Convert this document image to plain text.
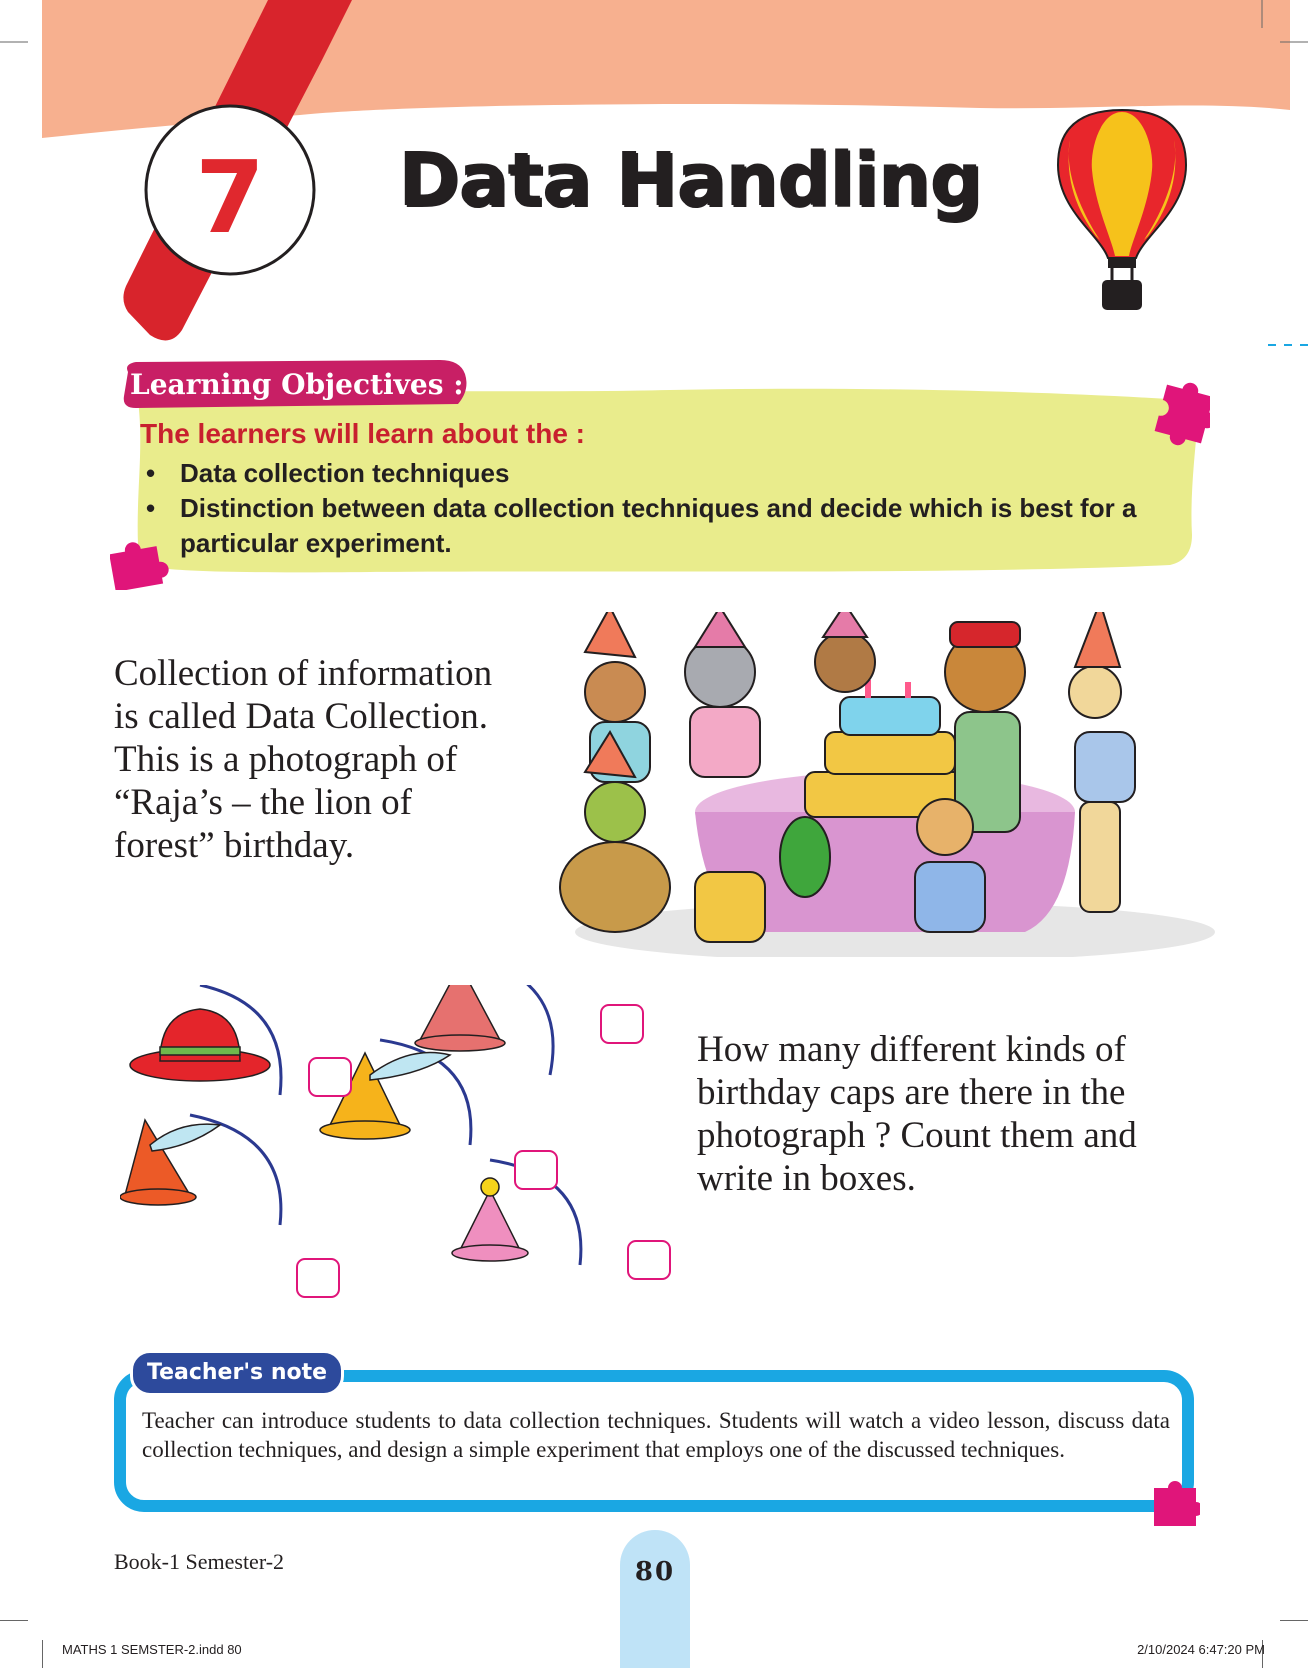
7	Data Handling
Learning Objectives :
The learners will learn about the :
• Data collection techniques
• Distinction between data collection techniques and decide which is best for a particular experiment.
Collection of information
is called Data Collection.
This is a photograph of
“Raja’s – the lion of
forest” birthday.
How many different kinds of
birthday caps are there in the
photograph ? Count them and
write in boxes.
Teacher's note
Teacher can introduce students to data collection techniques. Students will watch a video lesson, discuss data collection techniques, and design a simple experiment that employs one of the discussed techniques.
Book-1 Semester-2	80
MATHS 1 SEMSTER-2.indd 80	2/10/2024 6:47:20 PM
